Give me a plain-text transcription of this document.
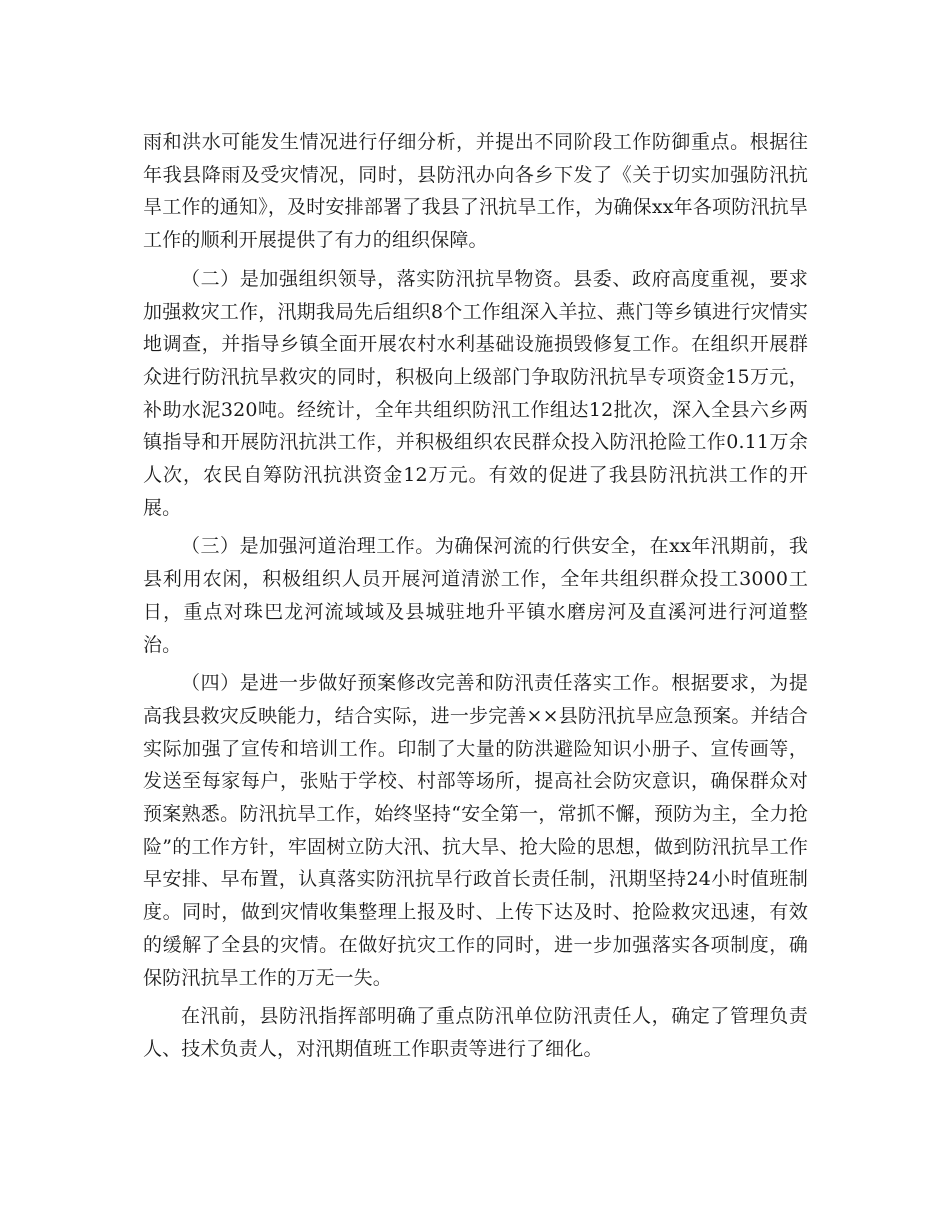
雨和洪水可能发生情况进行仔细分析，并提出不同阶段工作防御重点。根据往年我县降雨及受灾情况，同时，县防汛办向各乡下发了《关于切实加强防汛抗旱工作的通知》，及时安排部署了我县了汛抗旱工作，为确保xx年各项防汛抗旱工作的顺利开展提供了有力的组织保障。

（二）是加强组织领导，落实防汛抗旱物资。县委、政府高度重视，要求加强救灾工作，汛期我局先后组织8个工作组深入羊拉、燕门等乡镇进行灾情实地调查，并指导乡镇全面开展农村水利基础设施损毁修复工作。在组织开展群众进行防汛抗旱救灾的同时，积极向上级部门争取防汛抗旱专项资金15万元，补助水泥320吨。经统计，全年共组织防汛工作组达12批次，深入全县六乡两镇指导和开展防汛抗洪工作，并积极组织农民群众投入防汛抢险工作0.11万余人次，农民自筹防汛抗洪资金12万元。有效的促进了我县防汛抗洪工作的开展。

（三）是加强河道治理工作。为确保河流的行供安全，在xx年汛期前，我县利用农闲，积极组织人员开展河道清淤工作，全年共组织群众投工3000工日，重点对珠巴龙河流域域及县城驻地升平镇水磨房河及直溪河进行河道整治。

（四）是进一步做好预案修改完善和防汛责任落实工作。根据要求，为提高我县救灾反映能力，结合实际，进一步完善××县防汛抗旱应急预案。并结合实际加强了宣传和培训工作。印制了大量的防洪避险知识小册子、宣传画等，发送至每家每户，张贴于学校、村部等场所，提高社会防灾意识，确保群众对预案熟悉。防汛抗旱工作，始终坚持“安全第一，常抓不懈，预防为主，全力抢险”的工作方针，牢固树立防大汛、抗大旱、抢大险的思想，做到防汛抗旱工作早安排、早布置，认真落实防汛抗旱行政首长责任制，汛期坚持24小时值班制度。同时，做到灾情收集整理上报及时、上传下达及时、抢险救灾迅速，有效的缓解了全县的灾情。在做好抗灾工作的同时，进一步加强落实各项制度，确保防汛抗旱工作的万无一失。

在汛前，县防汛指挥部明确了重点防汛单位防汛责任人，确定了管理负责人、技术负责人，对汛期值班工作职责等进行了细化。
